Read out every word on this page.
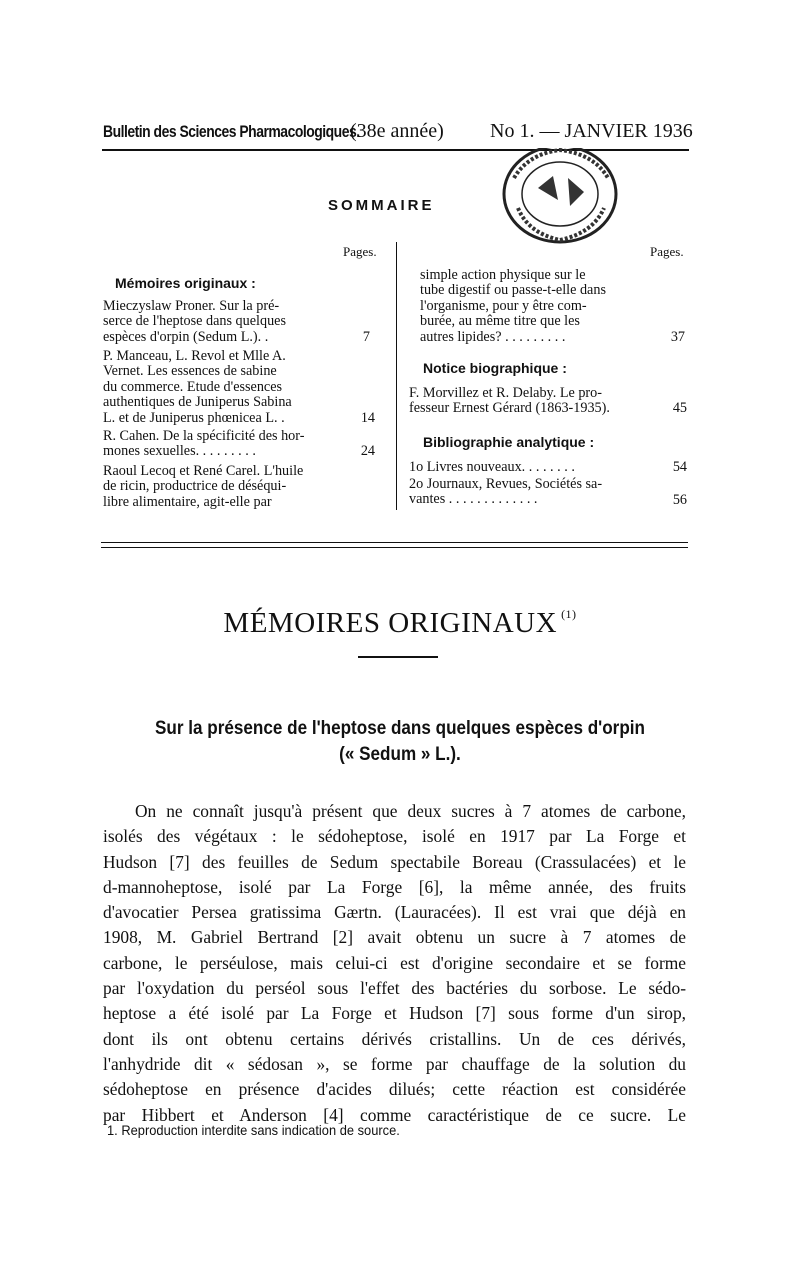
Bulletin des Sciences Pharmacologiques.
(38e année) No 1. — JANVIER 1936
SOMMAIRE
Pages.	Pages.
Mémoires originaux :
Mieczyslaw Proner. Sur la pré-
serce de l'heptose dans quelques
espèces d'orpin (Sedum L.). .	7
P. Manceau, L. Revol et Mlle A.
Vernet. Les essences de sabine
du commerce. Etude d'essences
authentiques de Juniperus Sabina
L. et de Juniperus phœnicea L. .	14
R. Cahen. De la spécificité des hor-
mones sexuelles. . . . . . . . .	24
Raoul Lecoq et René Carel. L'huile
de ricin, productrice de déséqui-
libre alimentaire, agit-elle par
simple action physique sur le
tube digestif ou passe-t-elle dans
l'organisme, pour y être com-
burée, au même titre que les
autres lipides? . . . . . . . . .	37
Notice biographique :
F. Morvillez et R. Delaby. Le pro-
fesseur Ernest Gérard (1863-1935).	45
Bibliographie analytique :
1o Livres nouveaux. . . . . . . .	54
2o Journaux, Revues, Sociétés sa-
vantes . . . . . . . . . . . . .	56
MÉMOIRES ORIGINAUX $^{(1)}$
Sur la présence de l'heptose dans quelques espèces d'orpin
(« Sedum » L.).
On ne connaît jusqu'à présent que deux sucres à 7 atomes de carbone,
isolés des végétaux : le sédoheptose, isolé en 1917 par La Forge et
Hudson [7] des feuilles de Sedum spectabile Boreau (Crassulacées) et le
d-mannoheptose, isolé par La Forge [6], la même année, des fruits
d'avocatier Persea gratissima Gærtn. (Lauracées). Il est vrai que déjà en
1908, M. Gabriel Bertrand [2] avait obtenu un sucre à 7 atomes de
carbone, le perséulose, mais celui-ci est d'origine secondaire et se forme
par l'oxydation du perséol sous l'effet des bactéries du sorbose. Le sédo-
heptose a été isolé par La Forge et Hudson [7] sous forme d'un sirop,
dont ils ont obtenu certains dérivés cristallins. Un de ces dérivés,
l'anhydride dit « sédosan », se forme par chauffage de la solution du
sédoheptose en présence d'acides dilués; cette réaction est considérée
par Hibbert et Anderson [4] comme caractéristique de ce sucre. Le
1. Reproduction interdite sans indication de source.
